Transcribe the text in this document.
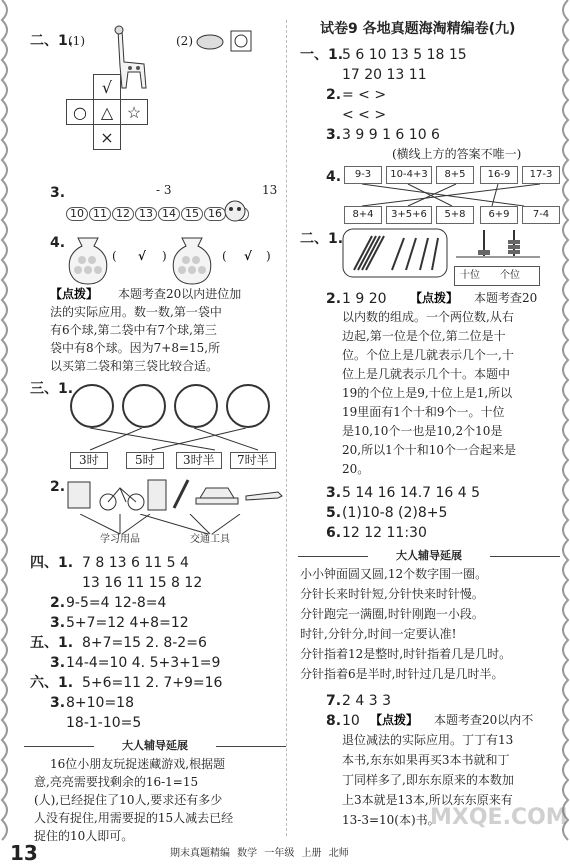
二、1.
(1)	(2)
	√	
○	△	☆
	×	
3.	- 3	13
10 11 12 13 14 15 16
4.
( √ )	( √ )
【点拨】 本题考查20以内进位加
法的实际应用。数一数,第一袋中
有6个球,第二袋中有7个球,第三
袋中有8个球。因为7+8=15,所
以买第二袋和第三袋比较合适。
三、1.
3时	5时	3时半	7时半
2.
学习用品	交通工具
四、1. 7 8 13 6 11 5 4
13 16 11 15 8 12
2. 9-5=4 12-8=4
3. 5+7=12 4+8=12
五、1. 8+7=15 2. 8-2=6
3. 14-4=10 4. 5+3+1=9
六、1. 5+6=11 2. 7+9=16
3. 8+10=18
18-1-10=5
大人辅导延展
16位小朋友玩捉迷藏游戏,根据题
意,亮亮需要找剩余的16-1=15
(人),已经捉住了10人,要求还有多少
人没有捉住,用需要捉的15人减去已经
捉住的10人即可。
试卷9 各地真题海淘精编卷(九)
一、1.
5 6 10 13 5 18 15
17 20 13 11
2. = < >
< < >
3. 3 9 9 1 6 10 6
(横线上方的答案不唯一)
4.	9-3	10-4+3	8+5	16-9	17-3
8+4	3+5+6	5+8	6+9	7-4
二、1.
十位 个位
2. 1 9 20 【点拨】 本题考查20
以内数的组成。一个两位数,从右
边起,第一位是个位,第二位是十
位。个位上是几就表示几个一,十
位上是几就表示几个十。本题中
19的个位上是9,十位上是1,所以
19里面有1个十和9个一。十位
是10,10个一也是10,2个10是
20,所以1个十和10个一合起来是
20。
3. 5 14 16 14.7 16 4 5
5. (1)10-8 (2)8+5
6. 12 12 11:30
大人辅导延展
小小钟面圆又圆,12个数字围一圈。
分针长来时针短,分针快来时针慢。
分针跑完一满圈,时针刚跑一小段。
时针,分针分,时间一定要认准!
分针指着12是整时,时针指着几是几时。
分针指着6是半时,时针过几是几时半。
7. 2 4 3 3
8. 10 【点拨】 本题考查20以内不
退位减法的实际应用。丁丁有13
本书,东东如果再买3本书就和丁
丁同样多了,即东东原来的本数加
上3本就是13本,所以东东原来有
13-3=10(本)书。
MXQE.COM
13	期末真题精编 数学 一年级 上册 北师
